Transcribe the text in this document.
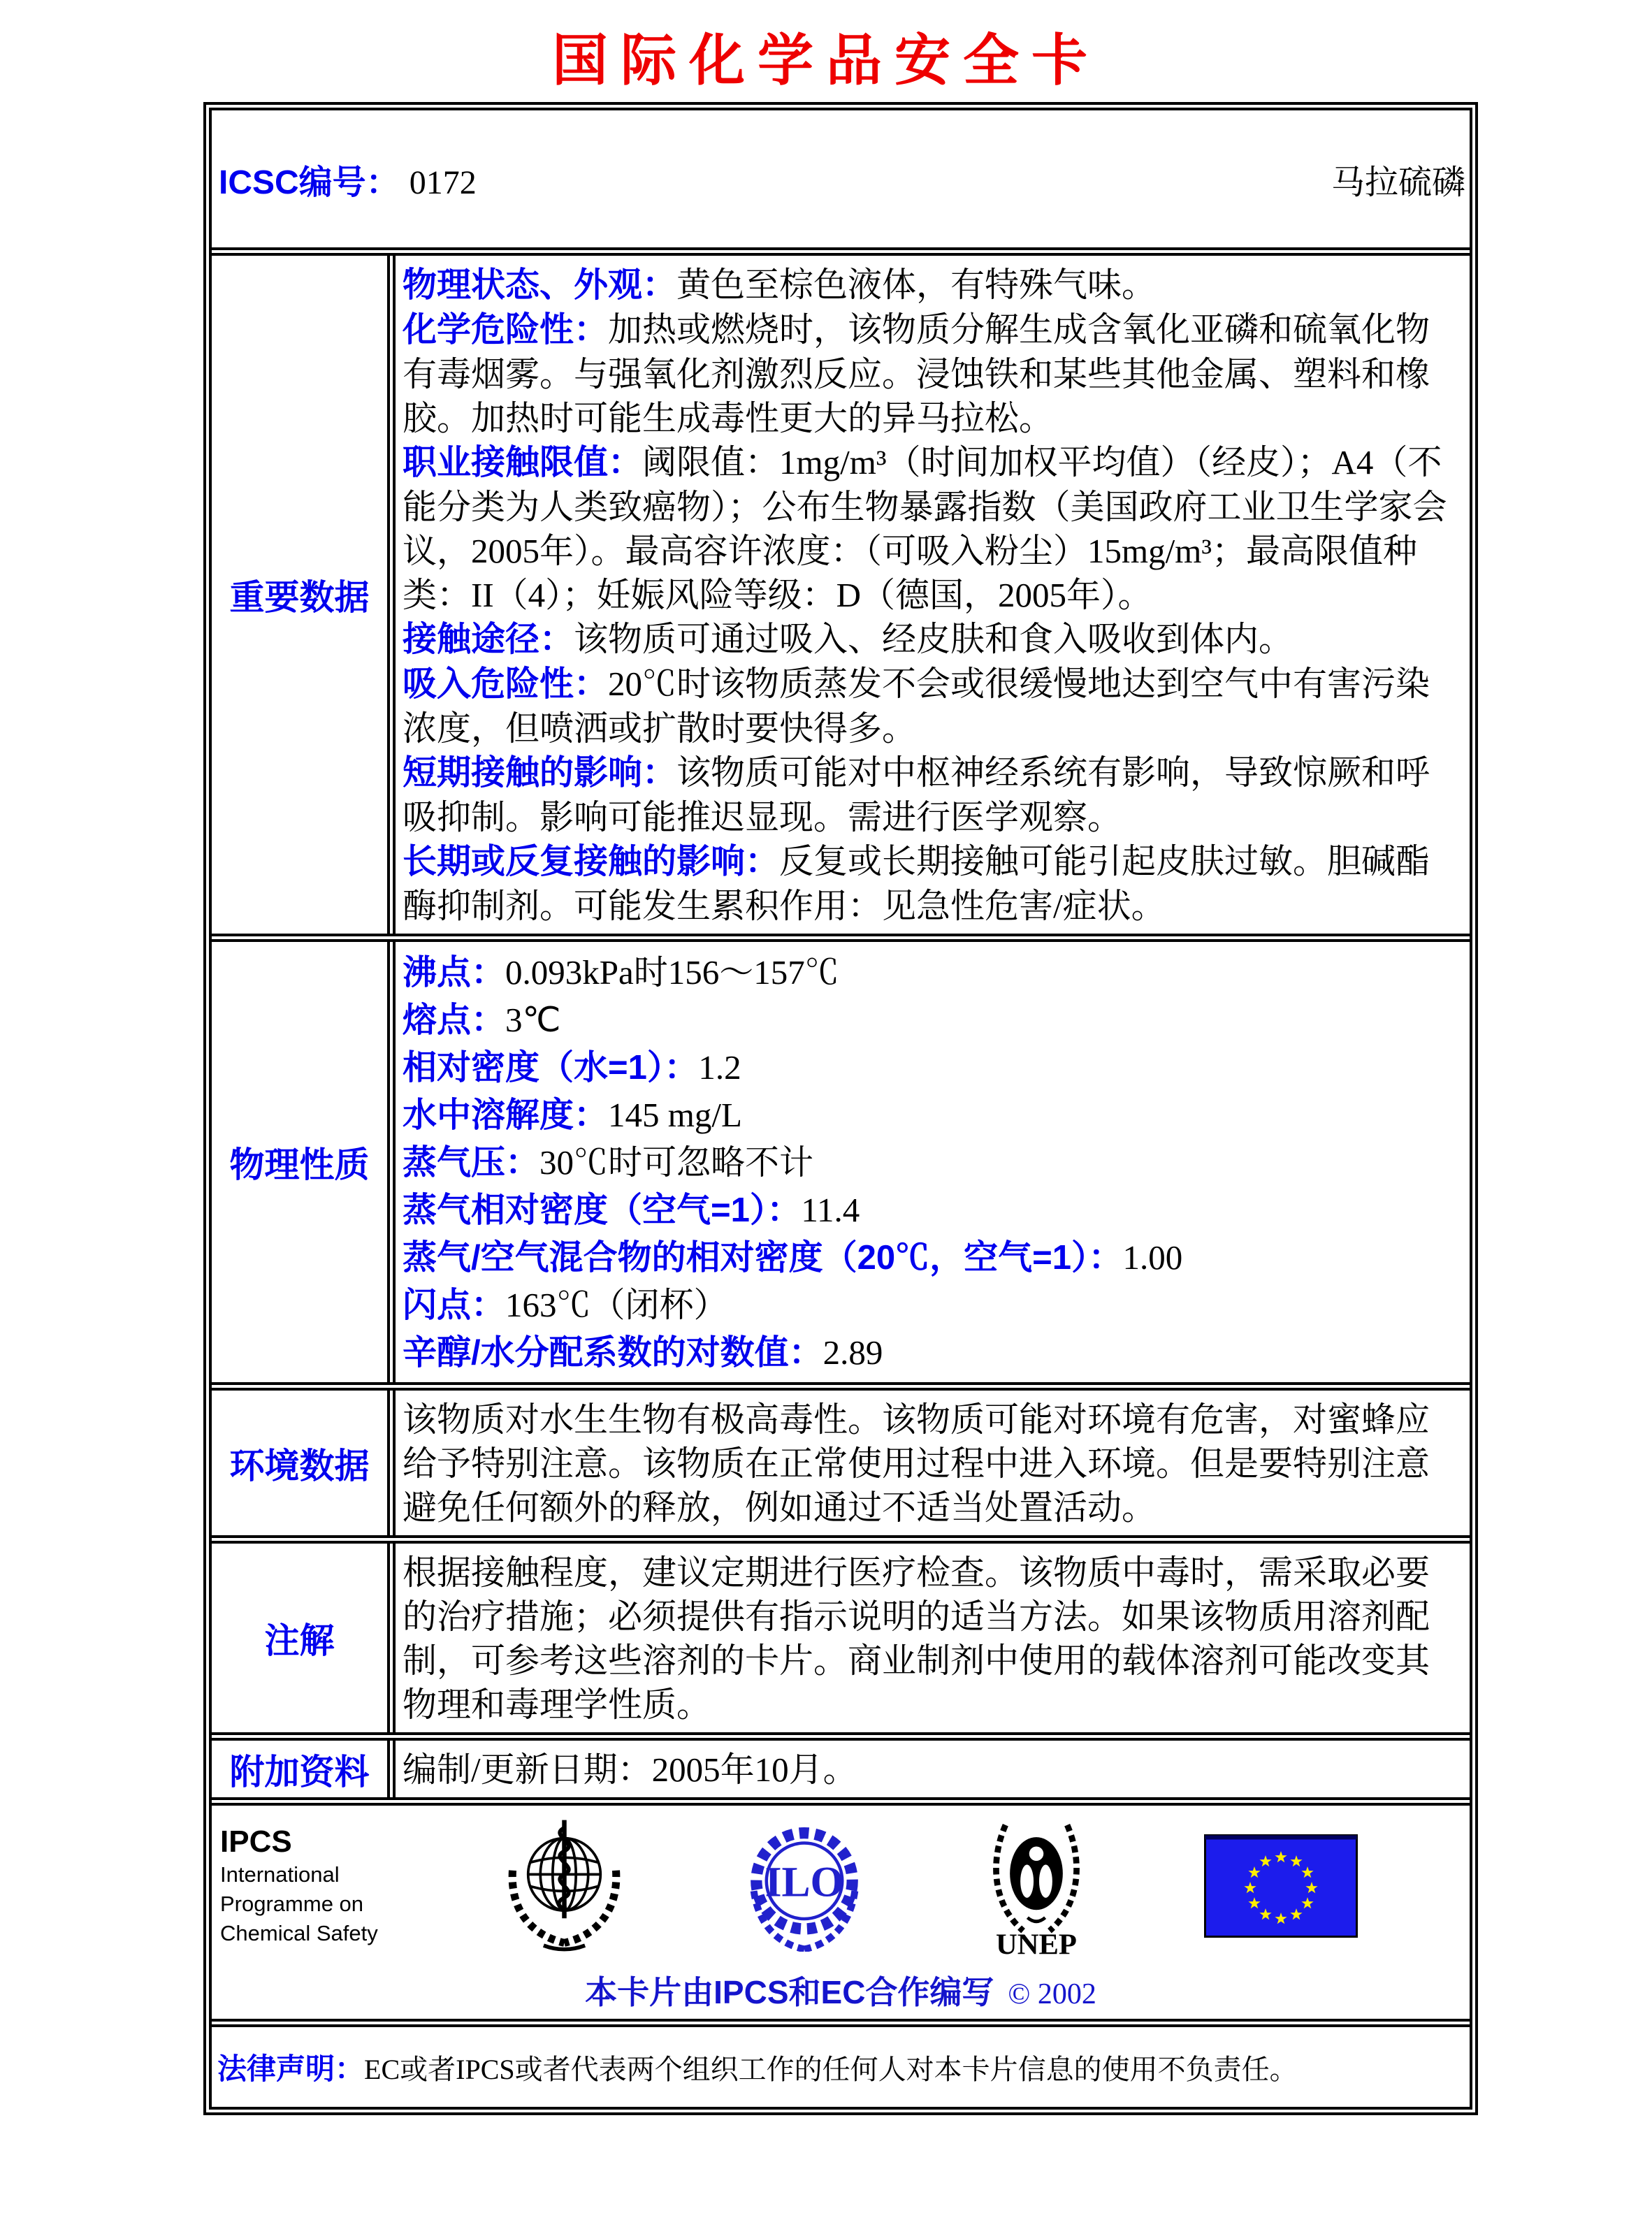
国际化学品安全卡
ICSC编号： 0172	马拉硫磷
重要数据

物理状态、外观：黄色至棕色液体，有特殊气味。

化学危险性：加热或燃烧时，该物质分解生成含氧化亚磷和硫氧化物有毒烟雾。与强氧化剂激烈反应。浸蚀铁和某些其他金属、塑料和橡胶。加热时可能生成毒性更大的异马拉松。

职业接触限值：阈限值：1mg/m³（时间加权平均值）（经皮）；A4（不能分类为人类致癌物）；公布生物暴露指数（美国政府工业卫生学家会议，2005年）。最高容许浓度：（可吸入粉尘）15mg/m³；最高限值种类：II（4）；妊娠风险等级：D（德国，2005年）。

接触途径：该物质可通过吸入、经皮肤和食入吸收到体内。

吸入危险性：20℃时该物质蒸发不会或很缓慢地达到空气中有害污染浓度，但喷洒或扩散时要快得多。

短期接触的影响：该物质可能对中枢神经系统有影响，导致惊厥和呼吸抑制。影响可能推迟显现。需进行医学观察。

长期或反复接触的影响：反复或长期接触可能引起皮肤过敏。胆碱酯酶抑制剂。可能发生累积作用：见急性危害/症状。

物理性质

沸点：0.093kPa时156～157℃

熔点：3℃

相对密度（水=1）：1.2

水中溶解度：145 mg/L

蒸气压：30℃时可忽略不计

蒸气相对密度（空气=1）：11.4

蒸气/空气混合物的相对密度（20℃，空气=1）：1.00

闪点：163℃（闭杯）

辛醇/水分配系数的对数值：2.89

环境数据

该物质对水生生物有极高毒性。该物质可能对环境有危害，对蜜蜂应给予特别注意。该物质在正常使用过程中进入环境。但是要特别注意避免任何额外的释放，例如通过不适当处置活动。

注解

根据接触程度，建议定期进行医疗检查。该物质中毒时，需采取必要的治疗措施；必须提供有指示说明的适当方法。如果该物质用溶剂配制，可参考这些溶剂的卡片。商业制剂中使用的载体溶剂可能改变其物理和毒理学性质。

附加资料 编制/更新日期：2005年10月。

IPCS
International
Programme on
Chemical Safety
ILO
UNEP
本卡片由IPCS和EC合作编写 © 2002

法律声明：EC或者IPCS或者代表两个组织工作的任何人对本卡片信息的使用不负责任。
